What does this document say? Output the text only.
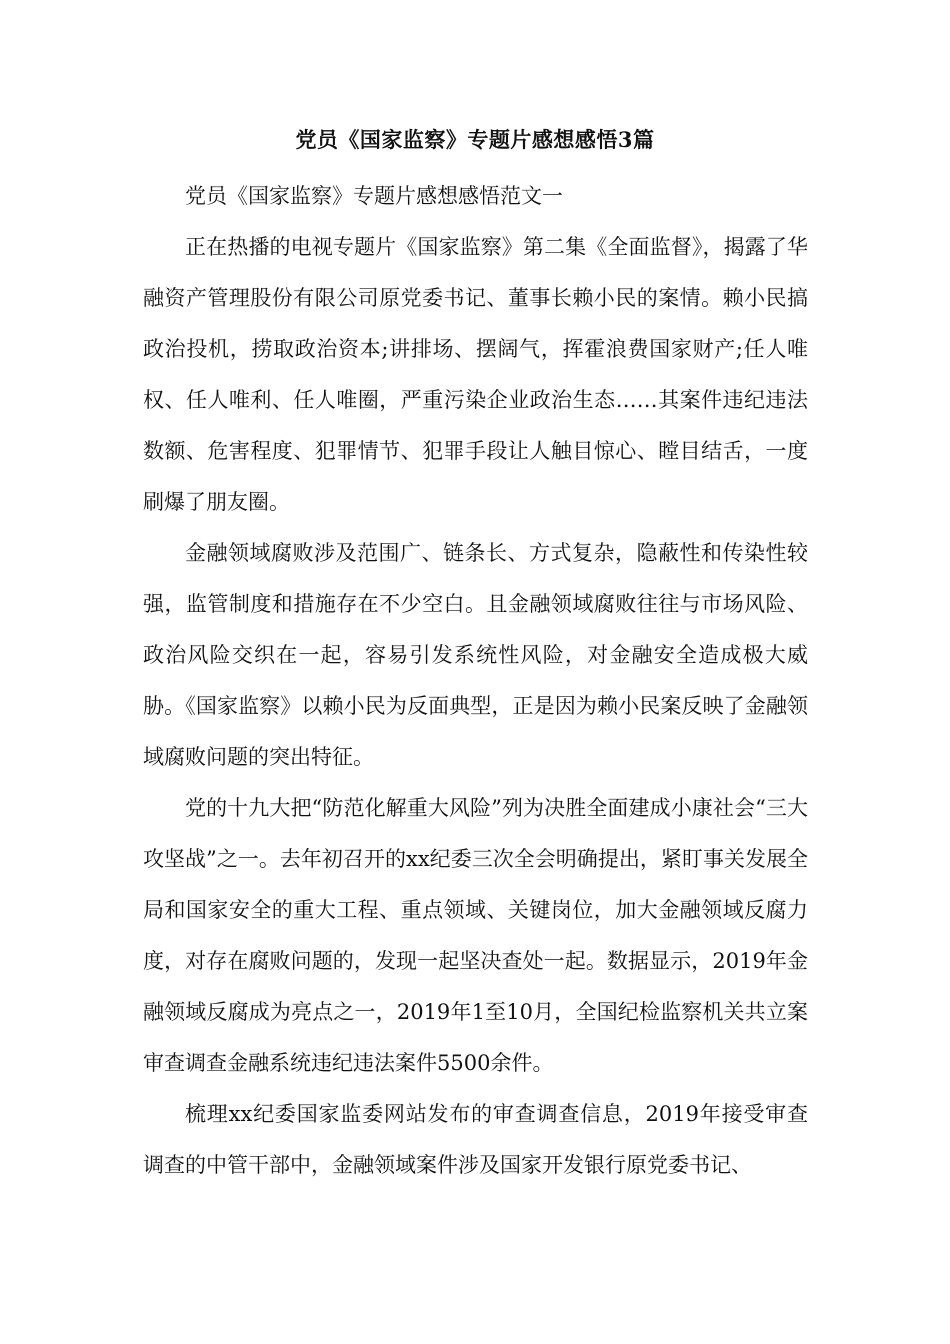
党员《国家监察》专题片感想感悟3篇

党员《国家监察》专题片感想感悟范文一

正在热播的电视专题片《国家监察》第二集《全面监督》，揭露了华融资产管理股份有限公司原党委书记、董事长赖小民的案情。赖小民搞政治投机，捞取政治资本;讲排场、摆阔气，挥霍浪费国家财产;任人唯权、任人唯利、任人唯圈，严重污染企业政治生态……其案件违纪违法数额、危害程度、犯罪情节、犯罪手段让人触目惊心、瞠目结舌，一度刷爆了朋友圈。

金融领域腐败涉及范围广、链条长、方式复杂，隐蔽性和传染性较强，监管制度和措施存在不少空白。且金融领域腐败往往与市场风险、政治风险交织在一起，容易引发系统性风险，对金融安全造成极大威胁。《国家监察》以赖小民为反面典型，正是因为赖小民案反映了金融领域腐败问题的突出特征。

党的十九大把“防范化解重大风险”列为决胜全面建成小康社会“三大攻坚战”之一。去年初召开的xx纪委三次全会明确提出，紧盯事关发展全局和国家安全的重大工程、重点领域、关键岗位，加大金融领域反腐力度，对存在腐败问题的，发现一起坚决查处一起。数据显示，2019年金融领域反腐成为亮点之一，2019年1至10月，全国纪检监察机关共立案审查调查金融系统违纪违法案件5500余件。

梳理xx纪委国家监委网站发布的审查调查信息，2019年接受审查调查的中管干部中，金融领域案件涉及国家开发银行原党委书记、
